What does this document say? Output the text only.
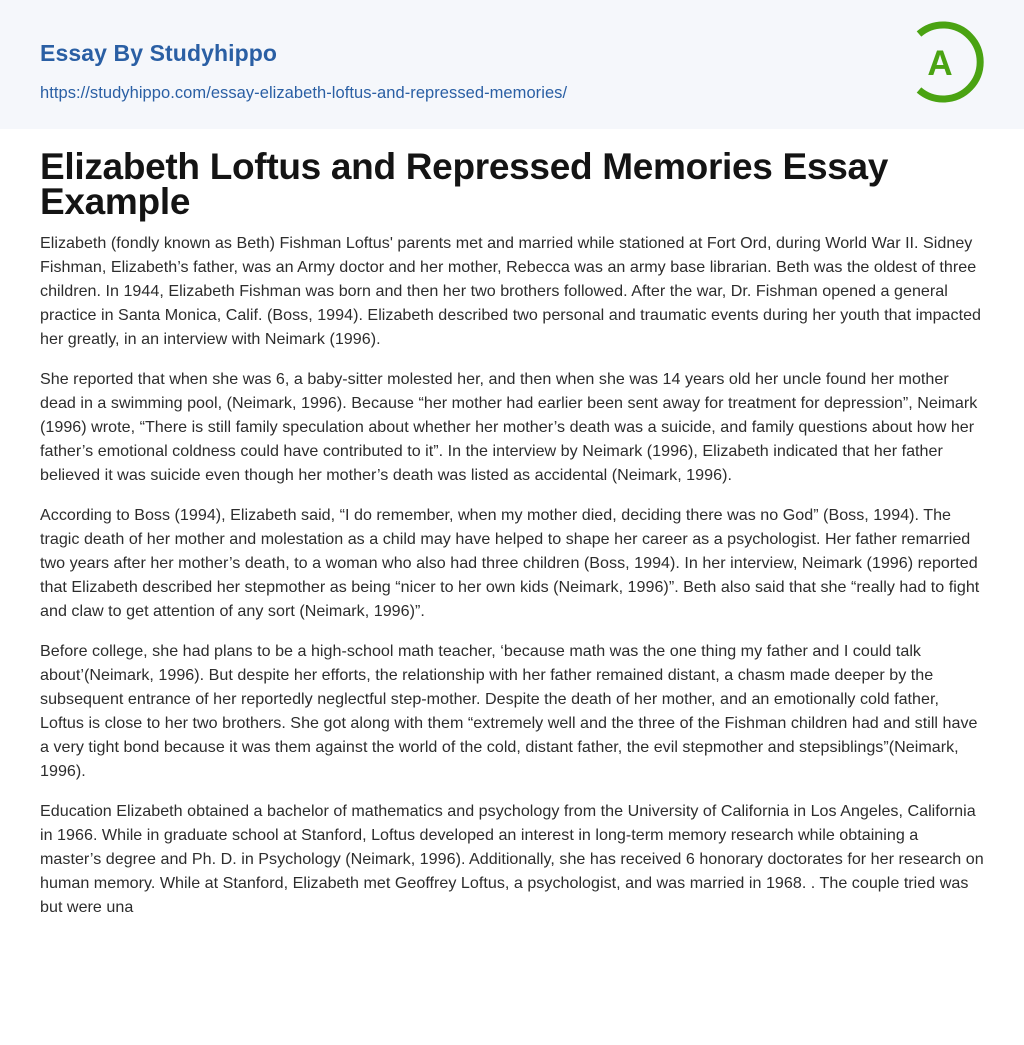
Essay By Studyhippo
https://studyhippo.com/essay-elizabeth-loftus-and-repressed-memories/
A
Elizabeth Loftus and Repressed Memories Essay Example

Elizabeth (fondly known as Beth) Fishman Loftus' parents met and married while stationed at Fort Ord, during World War II. Sidney Fishman, Elizabeth’s father, was an Army doctor and her mother, Rebecca was an army base librarian. Beth was the oldest of three children. In 1944, Elizabeth Fishman was born and then her two brothers followed. After the war, Dr. Fishman opened a general practice in Santa Monica, Calif. (Boss, 1994). Elizabeth described two personal and traumatic events during her youth that impacted her greatly, in an interview with Neimark (1996).

She reported that when she was 6, a baby-sitter molested her, and then when she was 14 years old her uncle found her mother dead in a swimming pool, (Neimark, 1996). Because “her mother had earlier been sent away for treatment for depression”, Neimark (1996) wrote, “There is still family speculation about whether her mother’s death was a suicide, and family questions about how her father’s emotional coldness could have contributed to it”. In the interview by Neimark (1996), Elizabeth indicated that her father believed it was suicide even though her mother’s death was listed as accidental (Neimark, 1996).

According to Boss (1994), Elizabeth said, “I do remember, when my mother died, deciding there was no God” (Boss, 1994). The tragic death of her mother and molestation as a child may have helped to shape her career as a psychologist. Her father remarried two years after her mother’s death, to a woman who also had three children (Boss, 1994). In her interview, Neimark (1996) reported that Elizabeth described her stepmother as being “nicer to her own kids (Neimark, 1996)”. Beth also said that she “really had to fight and claw to get attention of any sort (Neimark, 1996)”.

Before college, she had plans to be a high-school math teacher, ‘because math was the one thing my father and I could talk about’(Neimark, 1996). But despite her efforts, the relationship with her father remained distant, a chasm made deeper by the subsequent entrance of her reportedly neglectful step-mother. Despite the death of her mother, and an emotionally cold father, Loftus is close to her two brothers. She got along with them “extremely well and the three of the Fishman children had and still have a very tight bond because it was them against the world of the cold, distant father, the evil stepmother and stepsiblings”(Neimark, 1996).

Education Elizabeth obtained a bachelor of mathematics and psychology from the University of California in Los Angeles, California in 1966. While in graduate school at Stanford, Loftus developed an interest in long-term memory research while obtaining a master’s degree and Ph. D. in Psychology (Neimark, 1996). Additionally, she has received 6 honorary doctorates for her research on human memory. While at Stanford, Elizabeth met Geoffrey Loftus, a psychologist, and was married in 1968. . The couple tried was but were una
